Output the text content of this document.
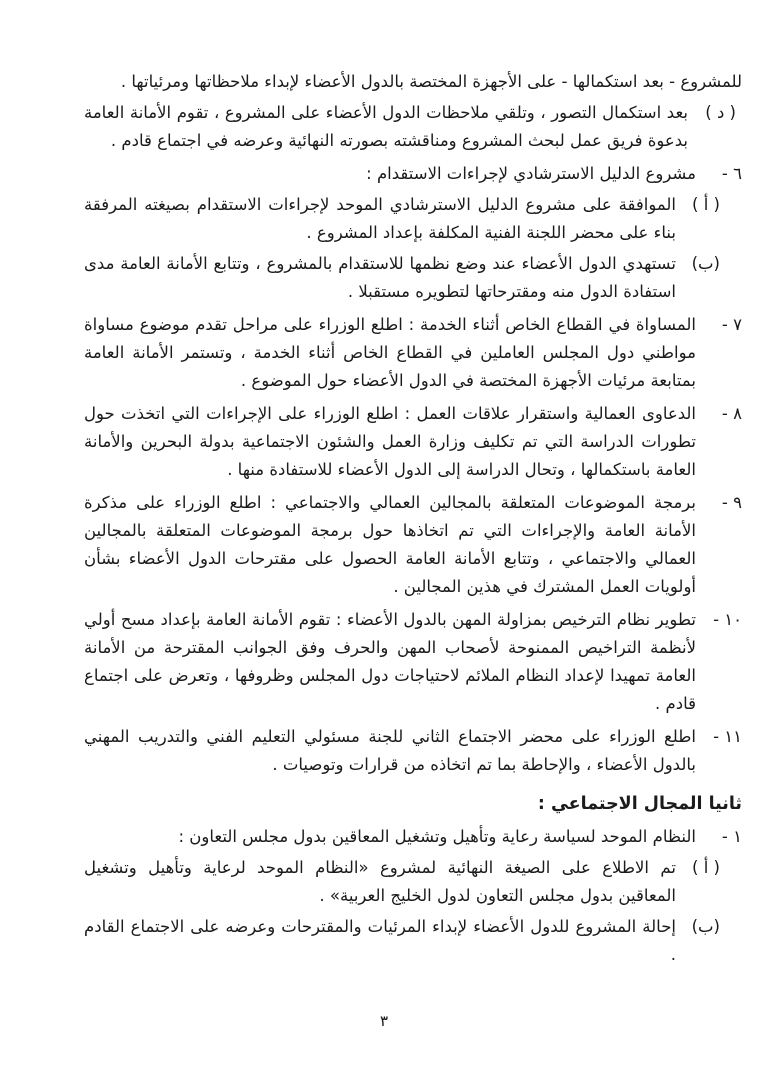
للمشروع - بعد استكمالها - على الأجهزة المختصة بالدول الأعضاء لإبداء ملاحظاتها ومرئياتها .
( د )
بعد استكمال التصور ، وتلقي ملاحظات الدول الأعضاء على المشروع ، تقوم الأمانة العامة بدعوة فريق عمل لبحث المشروع ومناقشته بصورته النهائية وعرضه في اجتماع قادم .
٦ -
مشروع الدليل الاسترشادي لإجراءات الاستقدام :
( أ )
الموافقة على مشروع الدليل الاسترشادي الموحد لإجراءات الاستقدام بصيغته المرفقة بناء على محضر اللجنة الفنية المكلفة بإعداد المشروع .
(ب)
تستهدي الدول الأعضاء عند وضع نظمها للاستقدام بالمشروع ، وتتابع الأمانة العامة مدى استفادة الدول منه ومقترحاتها لتطويره مستقبلا .
٧ -
المساواة في القطاع الخاص أثناء الخدمة : اطلع الوزراء على مراحل تقدم موضوع مساواة مواطني دول المجلس العاملين في القطاع الخاص أثناء الخدمة ، وتستمر الأمانة العامة بمتابعة مرئيات الأجهزة المختصة في الدول الأعضاء حول الموضوع .
٨ -
الدعاوى العمالية واستقرار علاقات العمل : اطلع الوزراء على الإجراءات التي اتخذت حول تطورات الدراسة التي تم تكليف وزارة العمل والشئون الاجتماعية بدولة البحرين والأمانة العامة باستكمالها ، وتحال الدراسة إلى الدول الأعضاء للاستفادة منها .
٩ -
برمجة الموضوعات المتعلقة بالمجالين العمالي والاجتماعي : اطلع الوزراء على مذكرة الأمانة العامة والإجراءات التي تم اتخاذها حول برمجة الموضوعات المتعلقة بالمجالين العمالي والاجتماعي ، وتتابع الأمانة العامة الحصول على مقترحات الدول الأعضاء بشأن أولويات العمل المشترك في هذين المجالين .
١٠ -
تطوير نظام الترخيص بمزاولة المهن بالدول الأعضاء : تقوم الأمانة العامة بإعداد مسح أولي لأنظمة التراخيص الممنوحة لأصحاب المهن والحرف وفق الجوانب المقترحة من الأمانة العامة تمهيدا لإعداد النظام الملائم لاحتياجات دول المجلس وظروفها ، وتعرض على اجتماع قادم .
١١ -
اطلع الوزراء على محضر الاجتماع الثاني للجنة مسئولي التعليم الفني والتدريب المهني بالدول الأعضاء ، والإحاطة بما تم اتخاذه من قرارات وتوصيات .
ثانيا المجال الاجتماعي :
١ -
النظام الموحد لسياسة رعاية وتأهيل وتشغيل المعاقين بدول مجلس التعاون :
( أ )
تم الاطلاع على الصيغة النهائية لمشروع «النظام الموحد لرعاية وتأهيل وتشغيل المعاقين بدول مجلس التعاون لدول الخليج العربية» .
(ب)
إحالة المشروع للدول الأعضاء لإبداء المرئيات والمقترحات وعرضه على الاجتماع القادم .
٣
